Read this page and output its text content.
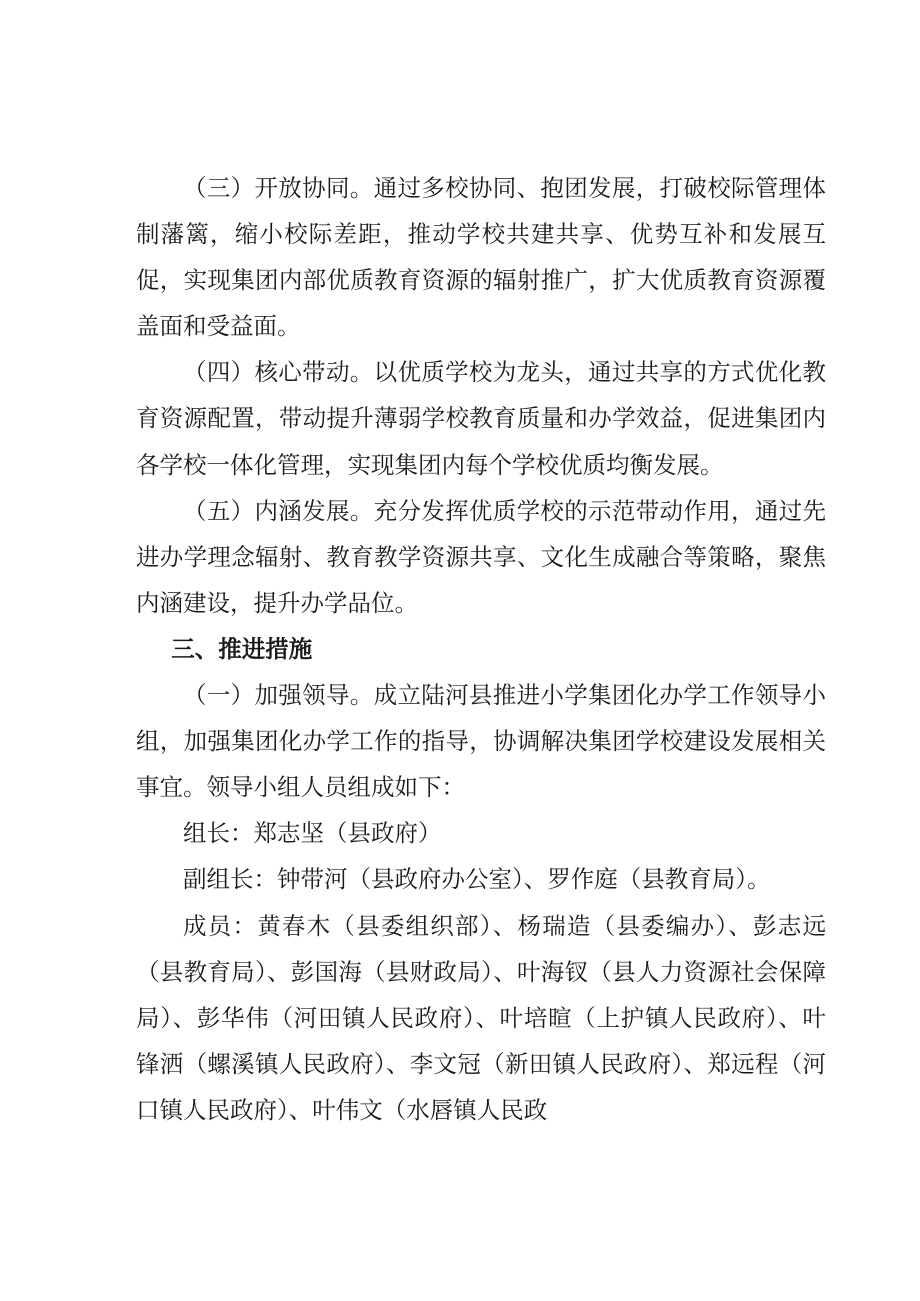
（三）开放协同。通过多校协同、抱团发展，打破校际管理体制藩篱，缩小校际差距，推动学校共建共享、优势互补和发展互促，实现集团内部优质教育资源的辐射推广，扩大优质教育资源覆盖面和受益面。

（四）核心带动。以优质学校为龙头，通过共享的方式优化教育资源配置，带动提升薄弱学校教育质量和办学效益，促进集团内各学校一体化管理，实现集团内每个学校优质均衡发展。

（五）内涵发展。充分发挥优质学校的示范带动作用，通过先进办学理念辐射、教育教学资源共享、文化生成融合等策略，聚焦内涵建设，提升办学品位。

三、推进措施

（一）加强领导。成立陆河县推进小学集团化办学工作领导小组，加强集团化办学工作的指导，协调解决集团学校建设发展相关事宜。领导小组人员组成如下：

组长：郑志坚（县政府）

副组长：钟带河（县政府办公室）、罗作庭（县教育局）。

成员：黄春木（县委组织部）、杨瑞造（县委编办）、彭志远（县教育局）、彭国海（县财政局）、叶海钗（县人力资源社会保障局）、彭华伟（河田镇人民政府）、叶培暄（上护镇人民政府）、叶锋洒（螺溪镇人民政府）、李文冠（新田镇人民政府）、郑远程（河口镇人民政府）、叶伟文（水唇镇人民政
